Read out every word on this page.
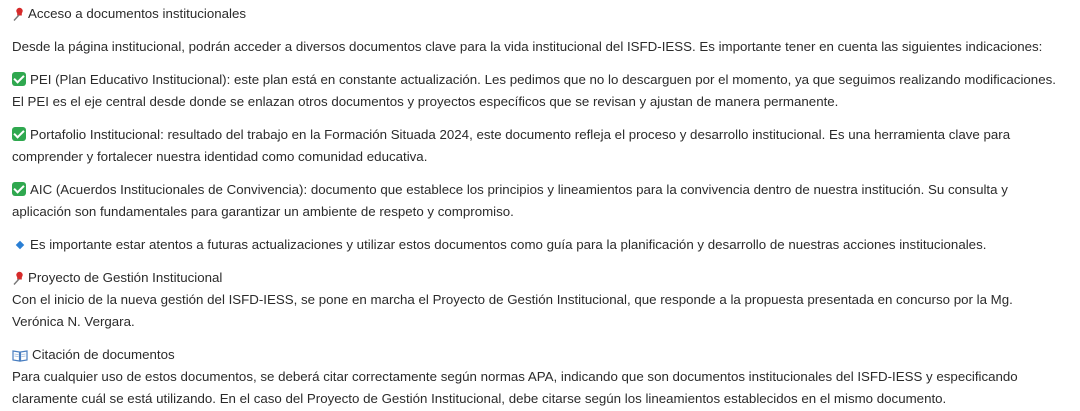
Acceso a documentos institucionales

Desde la página institucional, podrán acceder a diversos documentos clave para la vida institucional del ISFD-IESS. Es importante tener en cuenta las siguientes indicaciones:

PEI (Plan Educativo Institucional): este plan está en constante actualización. Les pedimos que no lo descarguen por el momento, ya que seguimos realizando modificaciones. El PEI es el eje central desde donde se enlazan otros documentos y proyectos específicos que se revisan y ajustan de manera permanente.

Portafolio Institucional: resultado del trabajo en la Formación Situada 2024, este documento refleja el proceso y desarrollo institucional. Es una herramienta clave para comprender y fortalecer nuestra identidad como comunidad educativa.

AIC (Acuerdos Institucionales de Convivencia): documento que establece los principios y lineamientos para la convivencia dentro de nuestra institución. Su consulta y aplicación son fundamentales para garantizar un ambiente de respeto y compromiso.

Es importante estar atentos a futuras actualizaciones y utilizar estos documentos como guía para la planificación y desarrollo de nuestras acciones institucionales.

Proyecto de Gestión Institucional

Con el inicio de la nueva gestión del ISFD-IESS, se pone en marcha el Proyecto de Gestión Institucional, que responde a la propuesta presentada en concurso por la Mg. Verónica N. Vergara.

Citación de documentos

Para cualquier uso de estos documentos, se deberá citar correctamente según normas APA, indicando que son documentos institucionales del ISFD-IESS y especificando claramente cuál se está utilizando. En el caso del Proyecto de Gestión Institucional, debe citarse según los lineamientos establecidos en el mismo documento.
